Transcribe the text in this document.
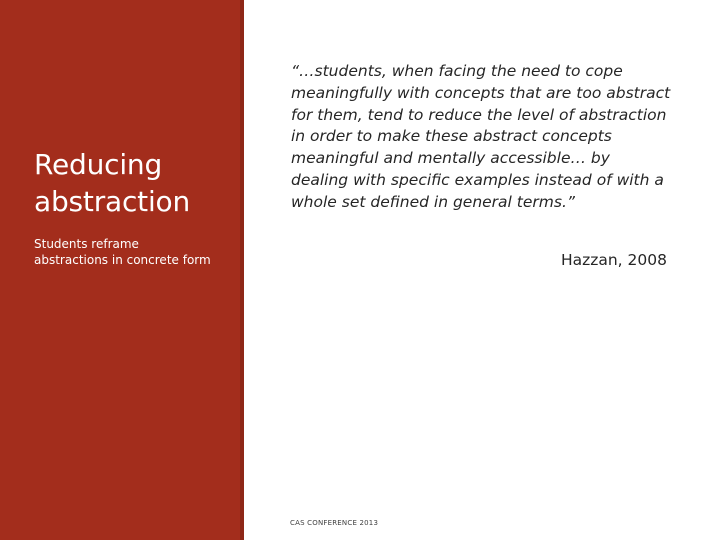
Reducing abstraction

Students reframe abstractions in concrete form

“…students, when facing the need to cope meaningfully with concepts that are too abstract for them, tend to reduce the level of abstraction in order to make these abstract concepts meaningful and mentally accessible… by dealing with specific examples instead of with a whole set defined in general terms.”

Hazzan, 2008

CAS CONFERENCE 2013
